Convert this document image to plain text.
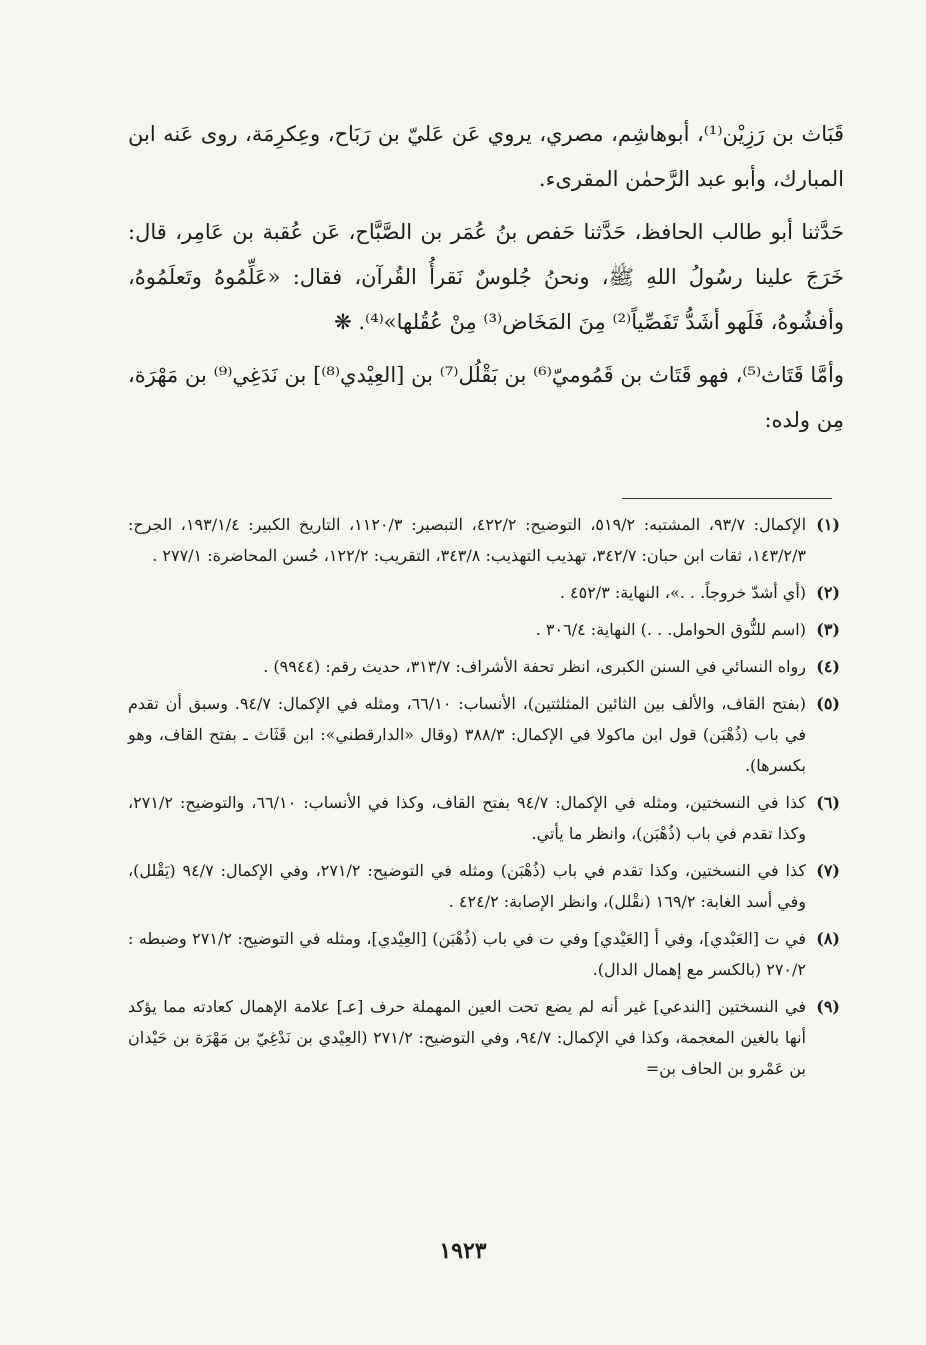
قَبَاث بن رَزِيْن⁽¹⁾، أبوهاشِم، مصري، يروي عَن عَليّ بن رَبَاح، وعِكرِمَة، روى عَنه ابن المبارك، وأبو عبد الرَّحمٰن المقرىء.

حَدَّثنا أبو طالب الحافظ، حَدَّثنا حَفص بنُ عُمَر بن الصَّبَّاح، عَن عُقبة بن عَامِر، قال: خَرَجَ علينا رسُولُ اللهِ ﷺ، ونحنُ جُلوسٌ نَقرأُ القُرآن، فقال: «عَلِّمُوهُ وتَعلَمُوهُ، وأفشُوهُ، فَلَهو أشَدُّ تَفَصِّياً⁽²⁾ مِنَ المَخَاض⁽³⁾ مِنْ عُقُلها»⁽⁴⁾. ❋

وأمَّا قَتَاث⁽⁵⁾، فهو قَتَاث بن قَمُوميّ⁽⁶⁾ بن بَقْلُل⁽⁷⁾ بن [العِيْدي⁽⁸⁾] بن نَدَغِي⁽⁹⁾ بن مَهْرَة، مِن ولده:

(١)
الإكمال: ٩٣/٧، المشتبه: ٥١٩/٢، التوضيح: ٤٢٢/٢، التبصير: ١١٢٠/٣، التاريخ الكبير: ١٩٣/١/٤، الجرح: ١٤٣/٢/٣، ثقات ابن حبان: ٣٤٢/٧، تهذيب التهذيب: ٣٤٣/٨، التقريب: ١٢٢/٢، حُسن المحاضرة: ٢٧٧/١ .
(٢)
(أي أشدّ خروجاً. . .»، النهاية: ٤٥٢/٣ .
(٣)
(اسم للنُّوق الحوامل. . .) النهاية: ٣٠٦/٤ .
(٤)
رواه النسائي في السنن الكبرى، انظر تحفة الأشراف: ٣١٣/٧، حديث رقم: (٩٩٤٤) .
(٥)
(بفتح القاف، والألف بين الثائين المثلثتين)، الأنساب: ٦٦/١٠، ومثله في الإكمال: ٩٤/٧. وسبق أن تقدم في باب (ذُهْبَن) قول ابن ماكولا في الإكمال: ٣٨٨/٣ (وقال «الدارقطني»: ابن قَثَاث ـ بفتح القاف، وهو بكسرها).
(٦)
كذا في النسختين، ومثله في الإكمال: ٩٤/٧ بفتح القاف، وكذا في الأنساب: ٦٦/١٠، والتوضيح: ٢٧١/٢، وكذا تقدم في باب (ذُهْبَن)، وانظر ما يأتي.
(٧)
كذا في النسختين، وكذا تقدم في باب (ذُهْبَن) ومثله في التوضيح: ٢٧١/٢، وفي الإكمال: ٩٤/٧ (يَقْلل)، وفي أسد الغابة: ١٦٩/٢ (نقْلل)، وانظر الإصابة: ٤٢٤/٢ .
(٨)
في ت [العَبْدي]، وفي أ [العَيْدي] وفي ت في باب (ذُهْبَن) [العِيْدي]، ومثله في التوضيح: ٢٧١/٢ وضبطه : ٢٧٠/٢ (بالكسر مع إهمال الدال).
(٩)
في النسختين [الندعي] غير أنه لم يضع تحت العين المهملة حرف [عـ] علامة الإهمال كعادته مما يؤكد أنها بالغين المعجمة، وكذا في الإكمال: ٩٤/٧، وفي التوضيح: ٢٧١/٢ (العِيْدي بن نَدْغِيّ بن مَهْرَة بن حَيْدان بن عَمْرو بن الحاف بن=
١٩٢٣
